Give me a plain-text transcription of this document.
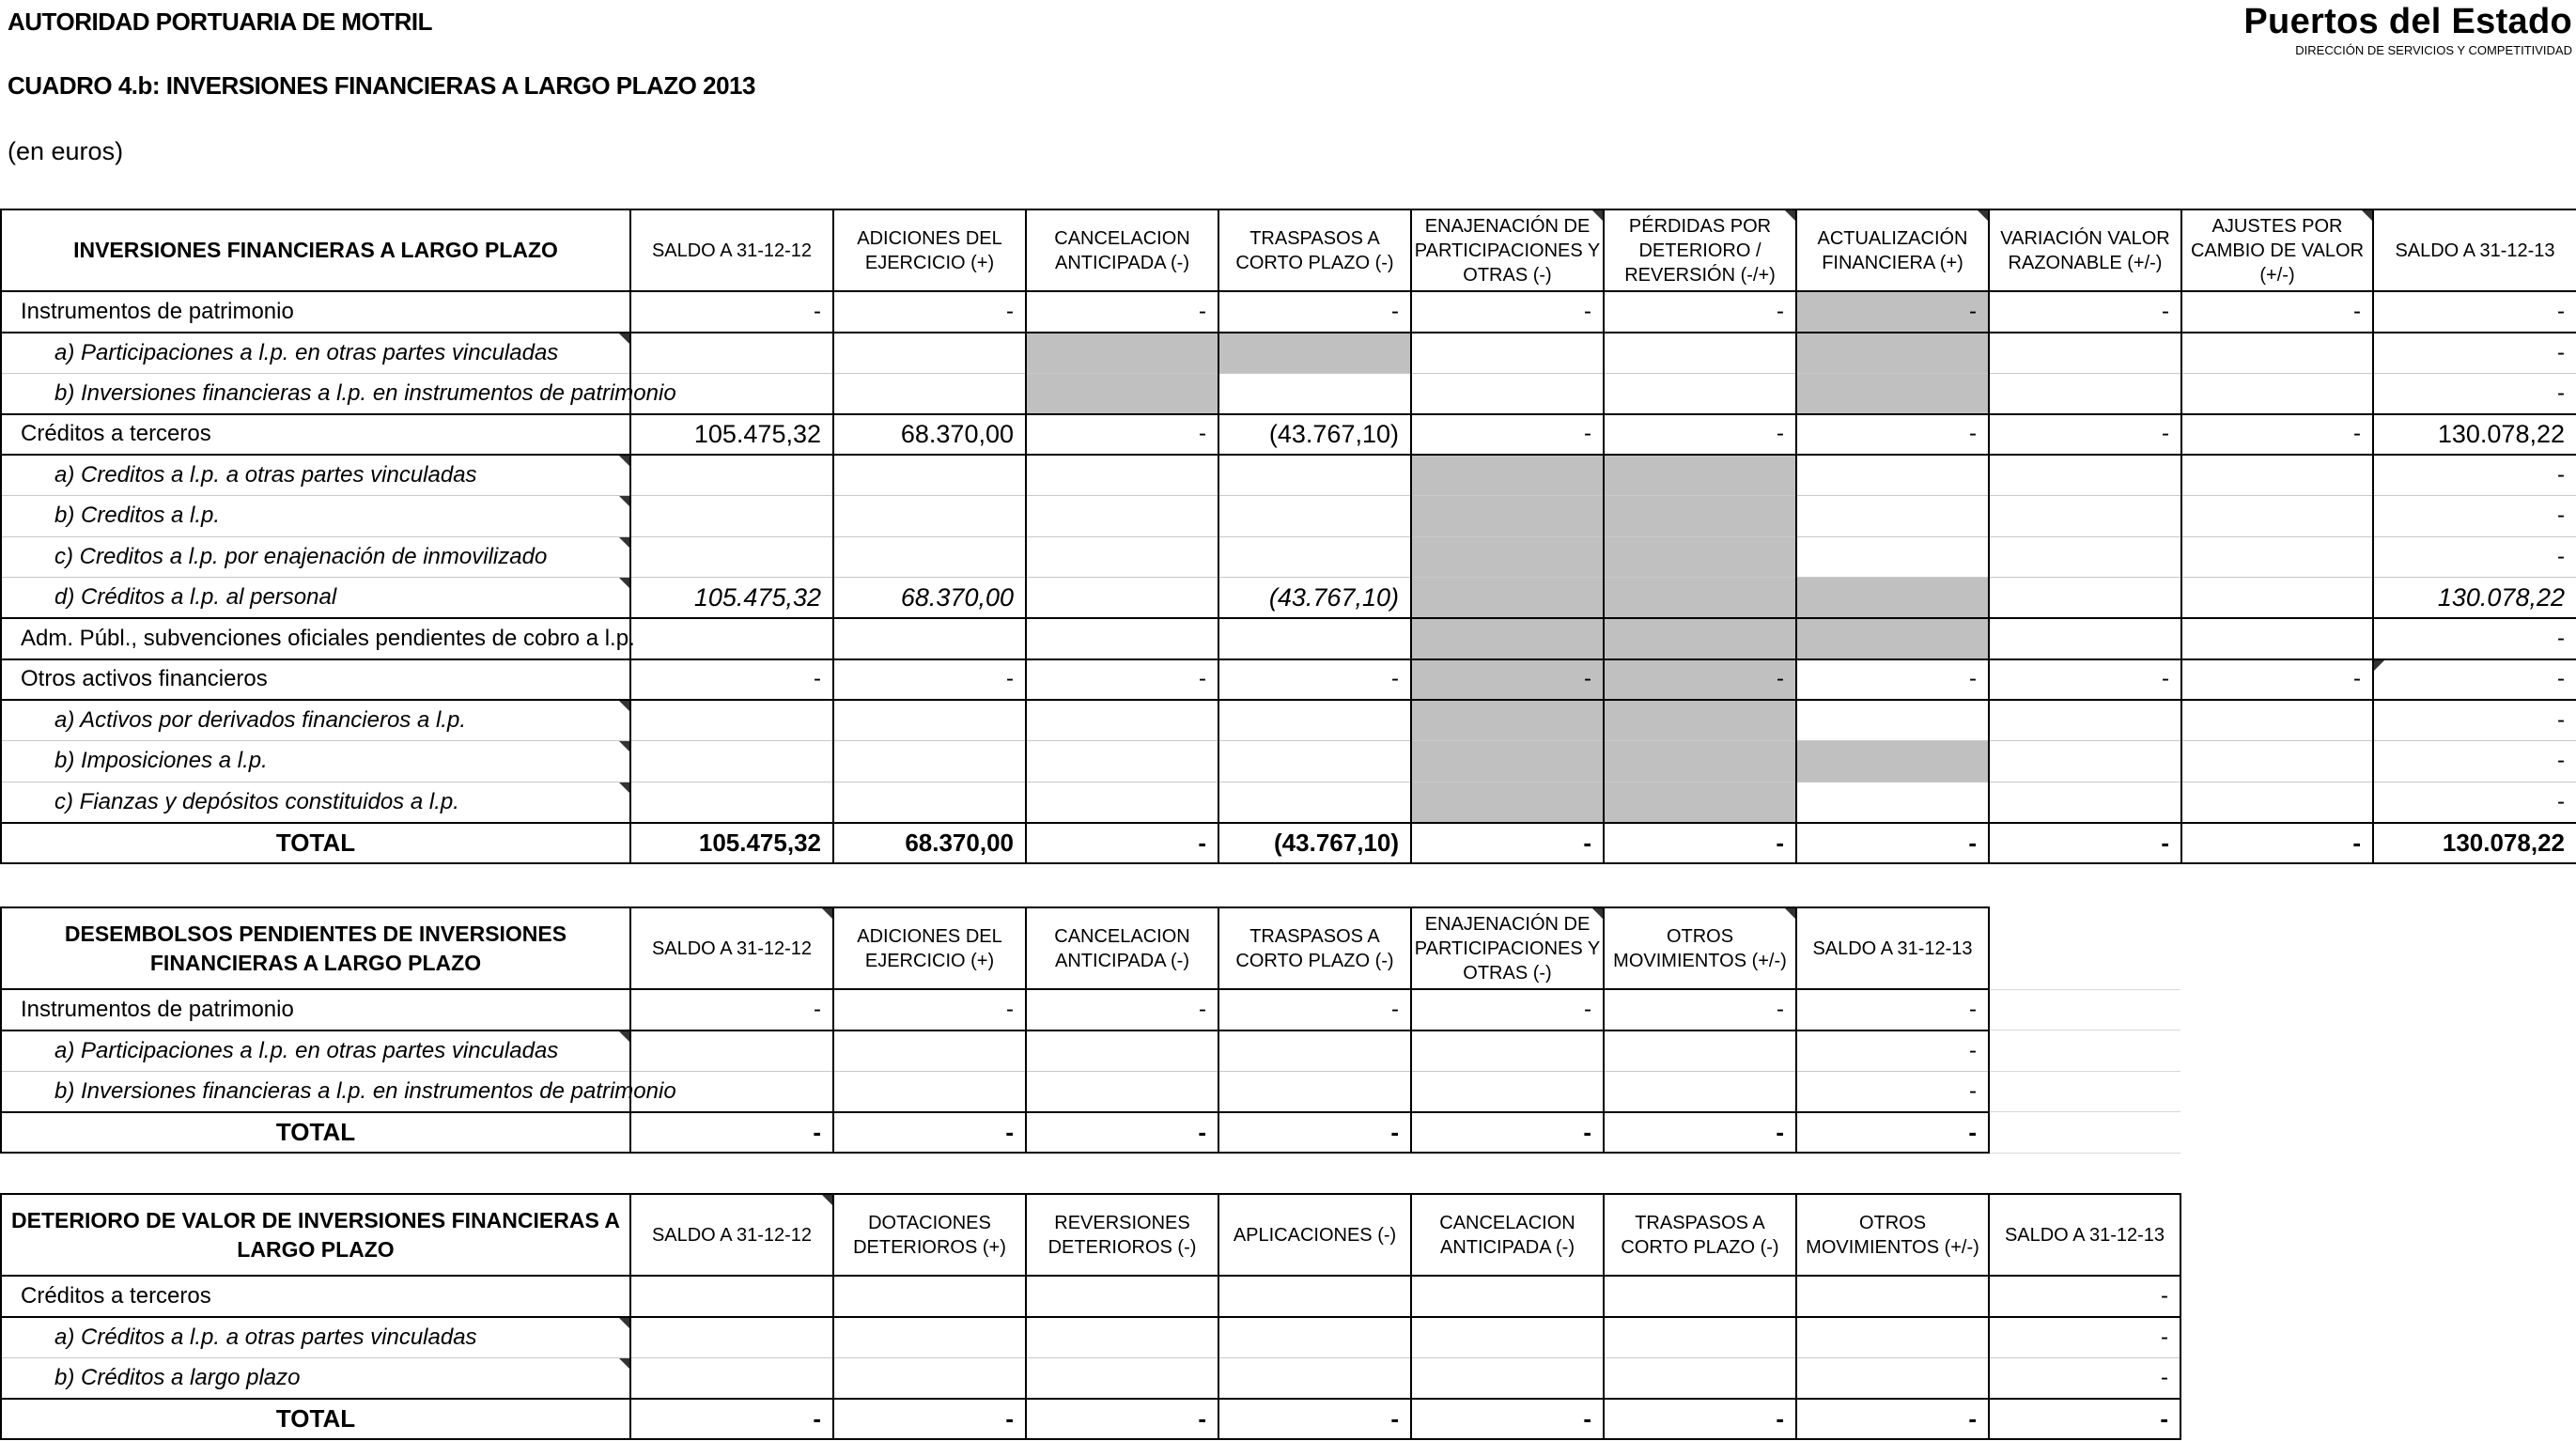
AUTORIDAD PORTUARIA DE MOTRIL
CUADRO 4.b: INVERSIONES FINANCIERAS A LARGO PLAZO 2013
(en euros)
Puertos del Estado
DIRECCIÓN DE SERVICIOS Y COMPETITIVIDAD
INVERSIONES FINANCIERAS A LARGO PLAZO	SALDO A 31-12-12	ADICIONES DEL EJERCICIO (+)	CANCELACION ANTICIPADA (-)	TRASPASOS A CORTO PLAZO (-)	ENAJENACIÓN DE PARTICIPACIONES Y OTRAS (-)	PÉRDIDAS POR DETERIORO / REVERSIÓN (-/+)	ACTUALIZACIÓN FINANCIERA (+)	VARIACIÓN VALOR RAZONABLE (+/-)	AJUSTES POR CAMBIO DE VALOR (+/-)	SALDO A 31-12-13
Instrumentos de patrimonio	-	-	-	-	-	-	-	-	-	-
a) Participaciones a l.p. en otras partes vinculadas										-
b) Inversiones financieras a l.p. en instrumentos de patrimonio										-
Créditos a terceros	105.475,32	68.370,00	-	(43.767,10)	-	-	-	-	-	130.078,22
a) Creditos a l.p. a otras partes vinculadas										-
b) Creditos a l.p.										-
c) Creditos a l.p. por enajenación de inmovilizado										-
d) Créditos a l.p. al personal	105.475,32	68.370,00		(43.767,10)						130.078,22
Adm. Públ., subvenciones oficiales pendientes de cobro a l.p.										-
Otros activos financieros	-	-	-	-	-	-	-	-	-	-
a) Activos por derivados financieros a l.p.										-
b) Imposiciones a l.p.										-
c) Fianzas y depósitos constituidos a l.p.										-
TOTAL	105.475,32	68.370,00	-	(43.767,10)	-	-	-	-	-	130.078,22
DESEMBOLSOS PENDIENTES DE INVERSIONES FINANCIERAS A LARGO PLAZO	SALDO A 31-12-12	ADICIONES DEL EJERCICIO (+)	CANCELACION ANTICIPADA (-)	TRASPASOS A CORTO PLAZO (-)	ENAJENACIÓN DE PARTICIPACIONES Y OTRAS (-)	OTROS MOVIMIENTOS (+/-)	SALDO A 31-12-13	
Instrumentos de patrimonio	-	-	-	-	-	-	-	
a) Participaciones a l.p. en otras partes vinculadas							-	
b) Inversiones financieras a l.p. en instrumentos de patrimonio							-	
TOTAL	-	-	-	-	-	-	-	
DETERIORO DE VALOR DE INVERSIONES FINANCIERAS A LARGO PLAZO	SALDO A 31-12-12	DOTACIONES DETERIOROS (+)	REVERSIONES DETERIOROS (-)	APLICACIONES (-)	CANCELACION ANTICIPADA (-)	TRASPASOS A CORTO PLAZO (-)	OTROS MOVIMIENTOS (+/-)	SALDO A 31-12-13
Créditos a terceros								-
a) Créditos a l.p. a otras partes vinculadas								-
b) Créditos a largo plazo								-
TOTAL	-	-	-	-	-	-	-	-
